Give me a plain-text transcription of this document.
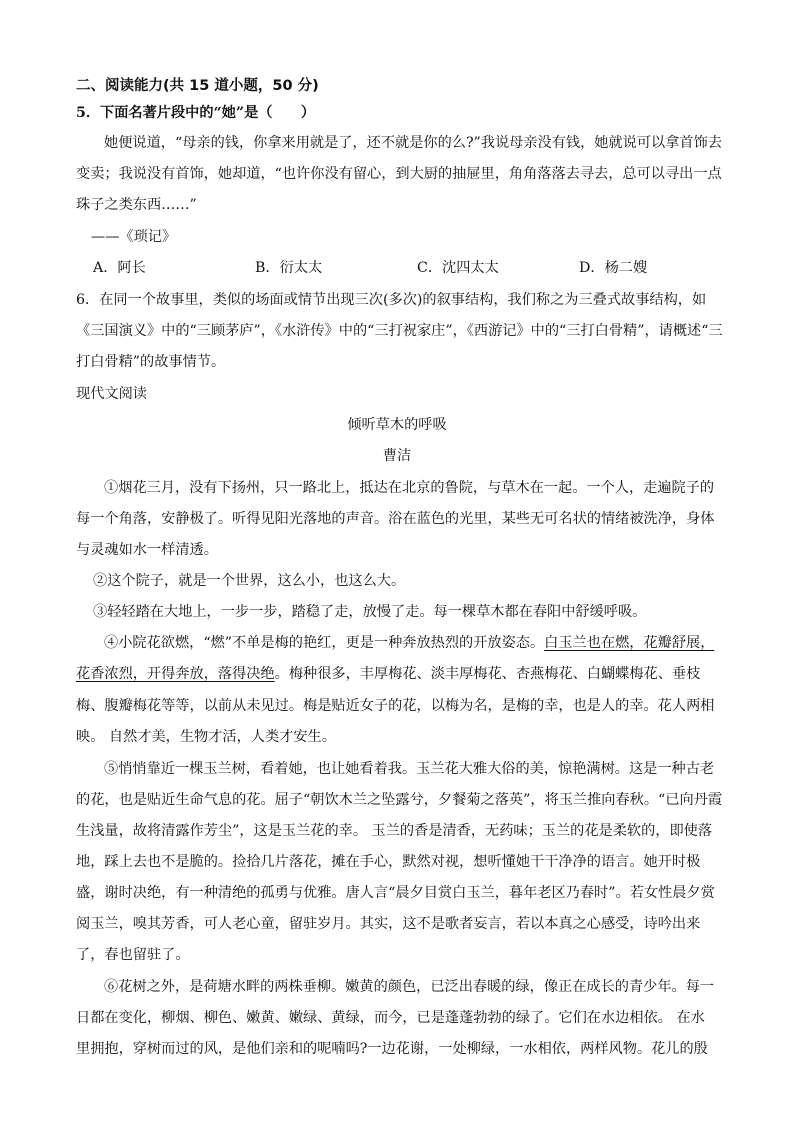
二、阅读能力(共 15 道小题，50 分)
5．下面名著片段中的“她”是（　　）
她便说道，“母亲的钱，你拿来用就是了，还不就是你的么?”我说母亲没有钱，她就说可以拿首饰去
变卖；我说没有首饰，她却道，“也许你没有留心，到大厨的抽屉里，角角落落去寻去，总可以寻出一点
珠子之类东西……”
——《琐记》
A．阿长	B．衍太太	C．沈四太太	D．杨二嫂
6．在同一个故事里，类似的场面或情节出现三次(多次)的叙事结构，我们称之为三叠式故事结构，如
《三国演义》中的“三顾茅庐”，《水浒传》中的“三打祝家庄”，《西游记》中的“三打白骨精”，请概述“三
打白骨精”的故事情节。
现代文阅读
倾听草木的呼吸
曹洁
①烟花三月，没有下扬州，只一路北上，抵达在北京的鲁院，与草木在一起。一个人，走遍院子的
每一个角落，安静极了。听得见阳光落地的声音。浴在蓝色的光里，某些无可名状的情绪被洗净，身体
与灵魂如水一样清透。
②这个院子，就是一个世界，这么小，也这么大。
③轻轻踏在大地上，一步一步，踏稳了走，放慢了走。每一棵草木都在春阳中舒缓呼吸。
④小院花欲燃，“燃”不单是梅的艳红，更是一种奔放热烈的开放姿态。白玉兰也在燃，花瓣舒展，
花香浓烈，开得奔放，落得决绝。梅种很多，丰厚梅花、淡丰厚梅花、杏燕梅花、白蝴蝶梅花、垂枝
梅、腹瓣梅花等等，以前从未见过。梅是贴近女子的花，以梅为名，是梅的幸，也是人的幸。花人两相
映。 自然才美，生物才活，人类才安生。
⑤悄悄靠近一棵玉兰树，看着她，也让她看着我。玉兰花大雅大俗的美，惊艳满树。这是一种古老
的花，也是贴近生命气息的花。屈子“朝饮木兰之坠露兮，夕餐菊之落英”，将玉兰推向春秋。“已向丹霞
生浅量，故将清露作芳尘”，这是玉兰花的幸。 玉兰的香是清香，无药味；玉兰的花是柔软的，即使落
地，踩上去也不是脆的。捡拾几片落花，摊在手心，默然对视，想听懂她干干净净的语言。她开时极
盛，谢时决绝，有一种清绝的孤勇与优雅。唐人言“晨夕目赏白玉兰，暮年老区乃春时”。若女性晨夕赏
阅玉兰，嗅其芳香，可人老心童，留驻岁月。其实，这不是歌者妄言，若以本真之心感受，诗吟出来
了，春也留驻了。
⑥花树之外，是荷塘水畔的两株垂柳。嫩黄的颜色，已泛出春暖的绿，像正在成长的青少年。每一
日都在变化，柳烟、柳色、嫩黄、嫩绿、黄绿，而今，已是蓬蓬勃勃的绿了。它们在水边相依。 在水
里拥抱，穿树而过的风，是他们亲和的呢喃吗?一边花谢，一处柳绿，一水相依，两样风物。花儿的殷
